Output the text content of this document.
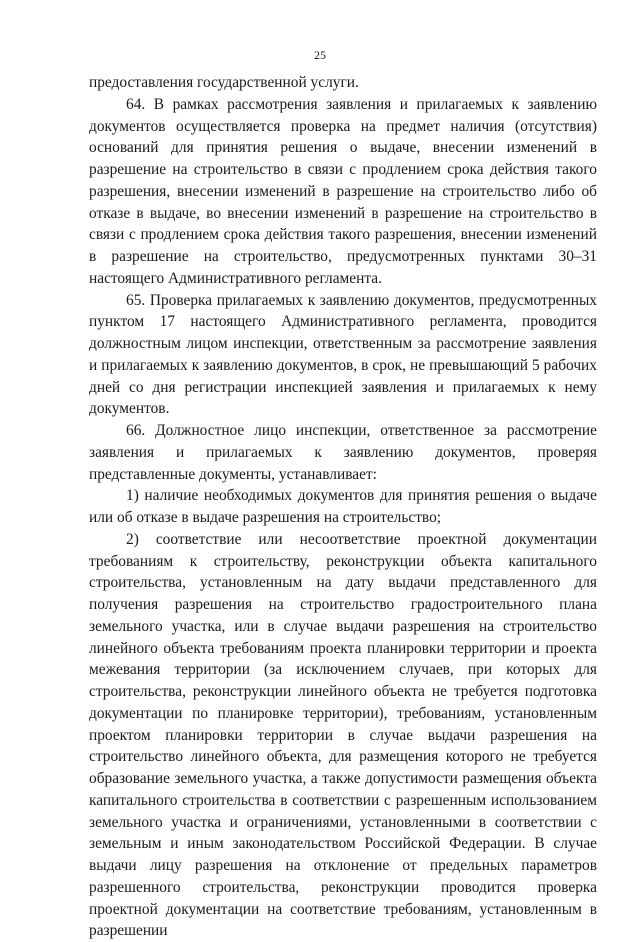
25

предоставления государственной услуги.

64. В рамках рассмотрения заявления и прилагаемых к заявлению документов осуществляется проверка на предмет наличия (отсутствия) оснований для принятия решения о выдаче, внесении изменений в разрешение на строительство в связи с продлением срока действия такого разрешения, внесении изменений в разрешение на строительство либо об отказе в выдаче, во внесении изменений в разрешение на строительство в связи с продлением срока действия такого разрешения, внесении изменений в разрешение на строительство, предусмотренных пунктами 30–31 настоящего Административного регламента.

65. Проверка прилагаемых к заявлению документов, предусмотренных пунктом 17 настоящего Административного регламента, проводится должностным лицом инспекции, ответственным за рассмотрение заявления и прилагаемых к заявлению документов, в срок, не превышающий 5 рабочих дней со дня регистрации инспекцией заявления и прилагаемых к нему документов.

66. Должностное лицо инспекции, ответственное за рассмотрение заявления и прилагаемых к заявлению документов, проверяя представленные документы, устанавливает:

1) наличие необходимых документов для принятия решения о выдаче или об отказе в выдаче разрешения на строительство;

2) соответствие или несоответствие проектной документации требованиям к строительству, реконструкции объекта капитального строительства, установленным на дату выдачи представленного для получения разрешения на строительство градостроительного плана земельного участка, или в случае выдачи разрешения на строительство линейного объекта требованиям проекта планировки территории и проекта межевания территории (за исключением случаев, при которых для строительства, реконструкции линейного объекта не требуется подготовка документации по планировке территории), требованиям, установленным проектом планировки территории в случае выдачи разрешения на строительство линейного объекта, для размещения которого не требуется образование земельного участка, а также допустимости размещения объекта капитального строительства в соответствии с разрешенным использованием земельного участка и ограничениями, установленными в соответствии с земельным и иным законодательством Российской Федерации. В случае выдачи лицу разрешения на отклонение от предельных параметров разрешенного строительства, реконструкции проводится проверка проектной документации на соответствие требованиям, установленным в разрешении
